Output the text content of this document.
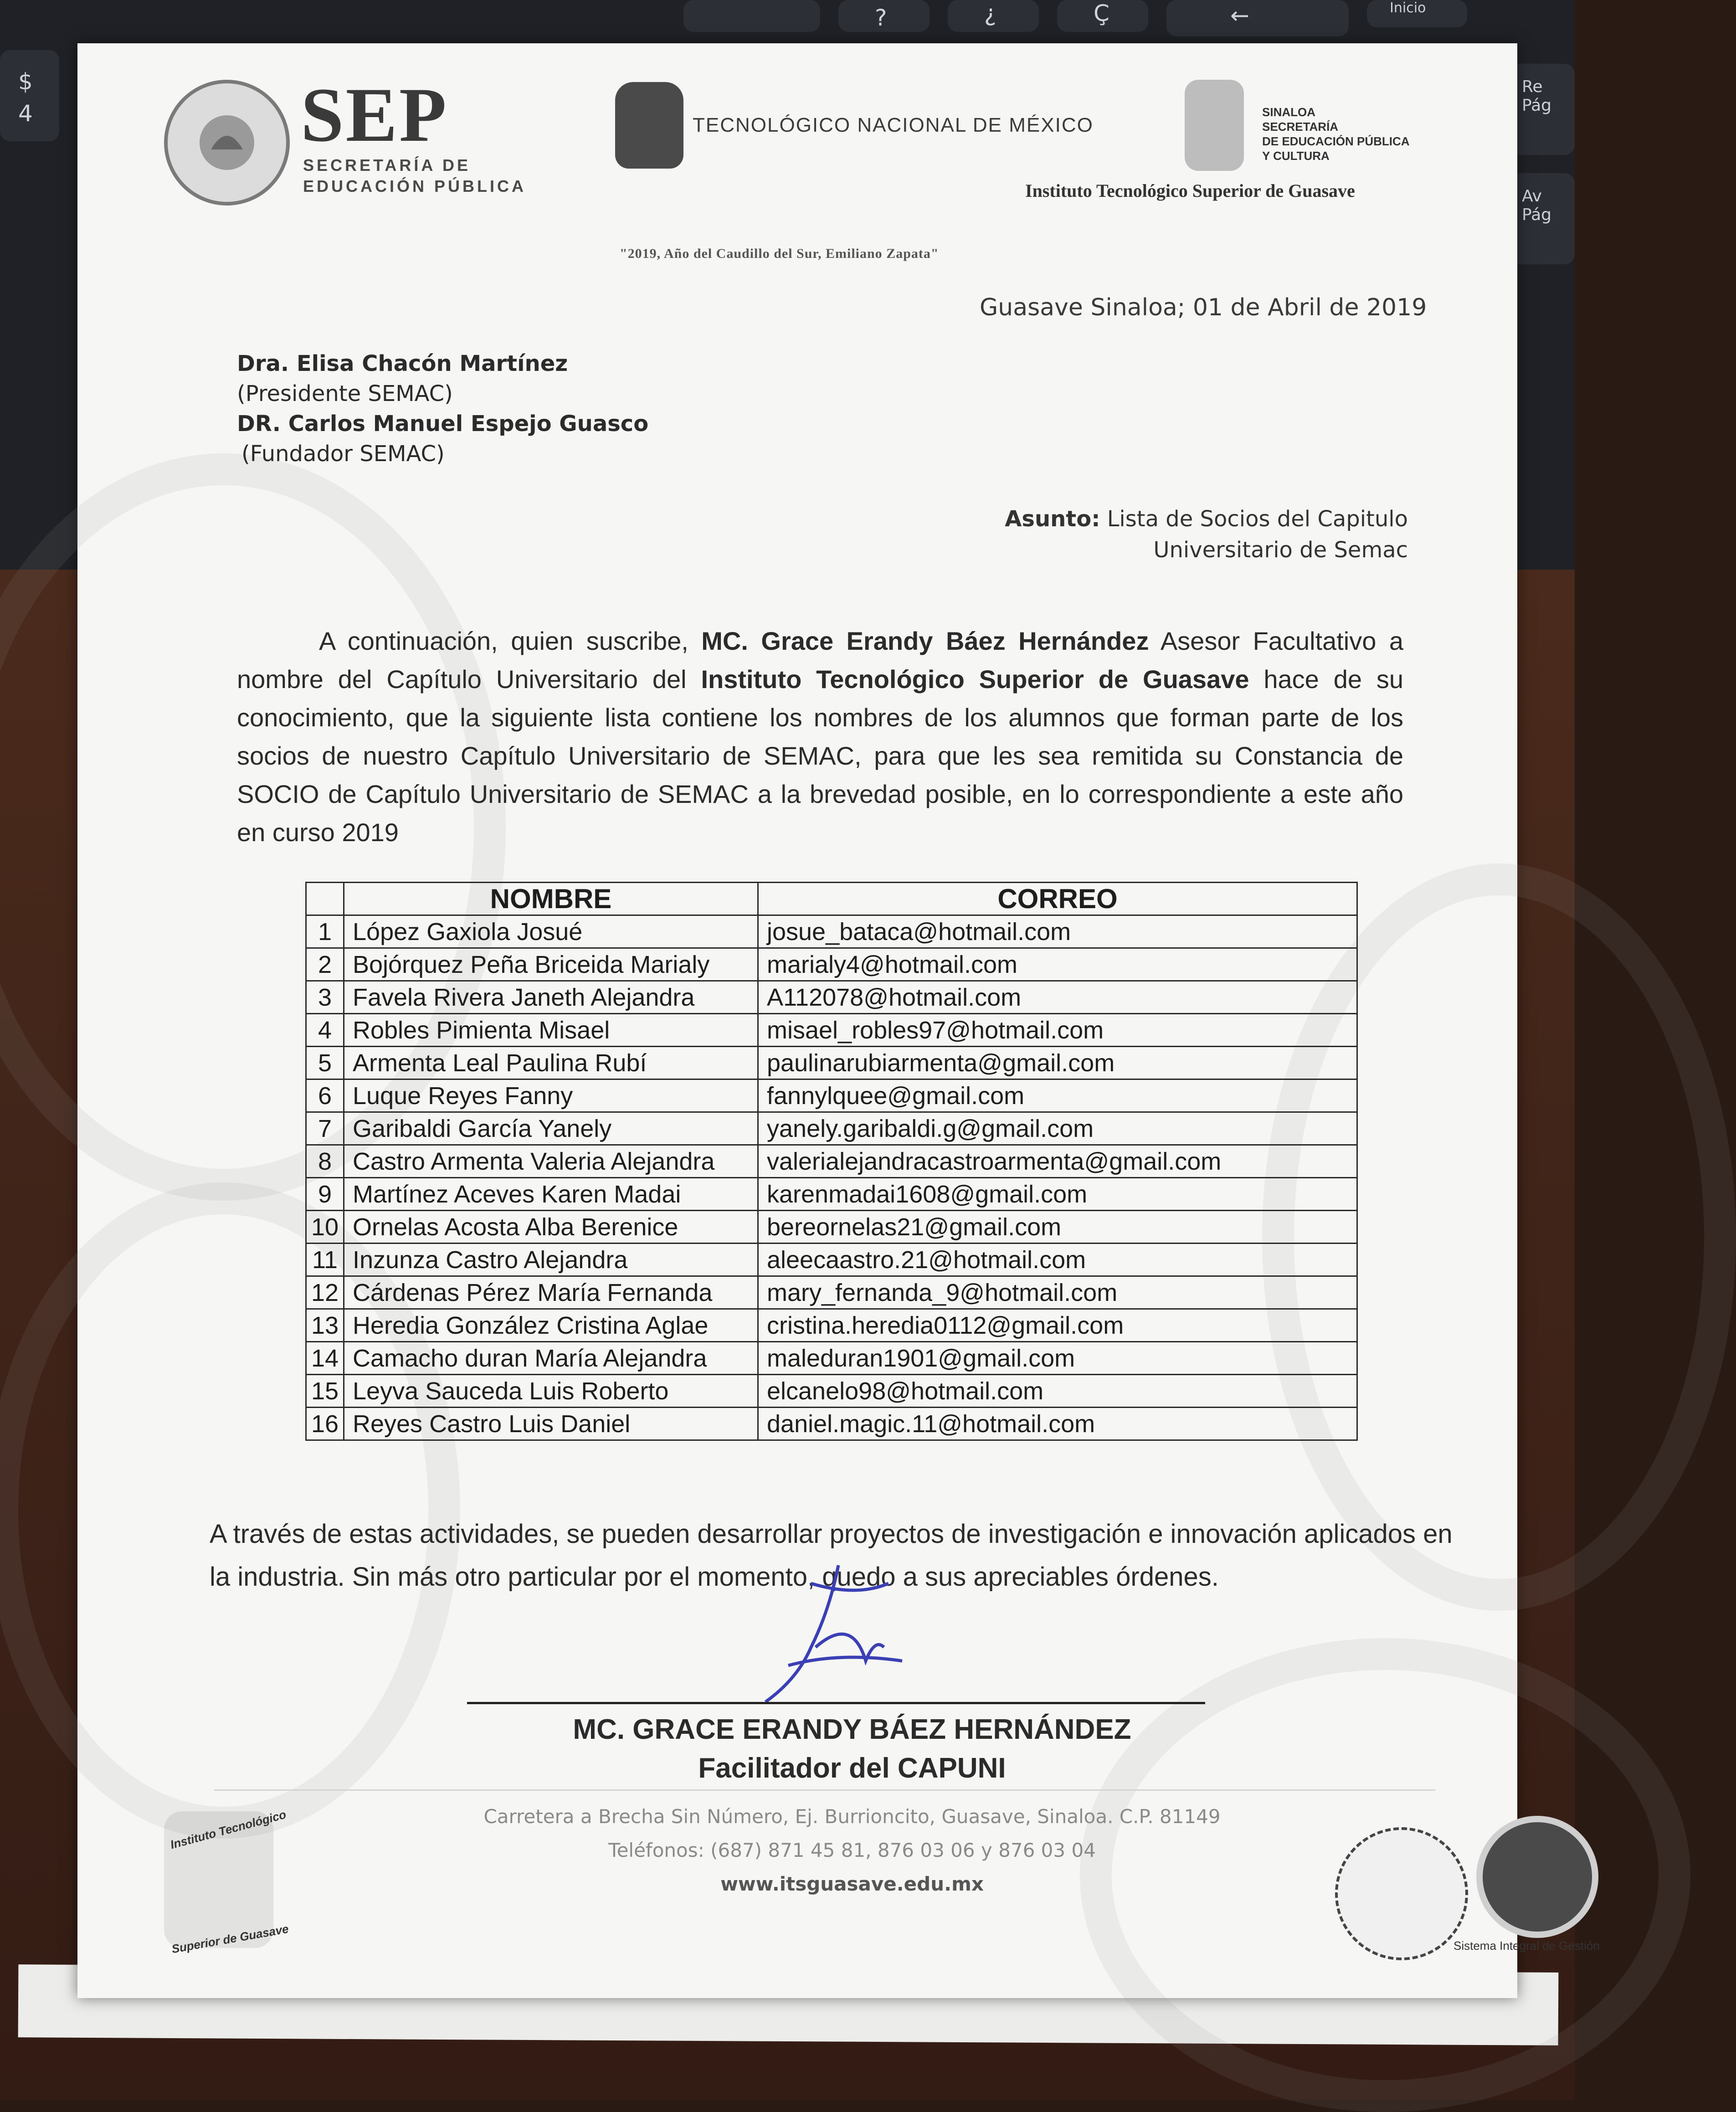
$
4
?	¿	Ç	←	Inicio
Re Pág
Av Pág
SEP
SECRETARÍA DE
EDUCACIÓN PÚBLICA
TECNOLÓGICO NACIONAL DE MÉXICO
SINALOA
SECRETARÍA
DE EDUCACIÓN PÚBLICA
Y CULTURA
Instituto Tecnológico Superior de Guasave
"2019, Año del Caudillo del Sur, Emiliano Zapata"
Guasave Sinaloa; 01 de Abril de 2019
Dra. Elisa Chacón Martínez
(Presidente SEMAC)
DR. Carlos Manuel Espejo Guasco
(Fundador SEMAC)
Asunto: Lista de Socios del Capitulo
Universitario de Semac
A continuación, quien suscribe, MC. Grace Erandy Báez Hernández Asesor Facultativo a nombre del Capítulo Universitario del Instituto Tecnológico Superior de Guasave hace de su conocimiento, que la siguiente lista contiene los nombres de los alumnos que forman parte de los socios de nuestro Capítulo Universitario de SEMAC, para que les sea remitida su Constancia de SOCIO de Capítulo Universitario de SEMAC a la brevedad posible, en lo correspondiente a este año en curso 2019
	NOMBRE	CORREO
1	López Gaxiola Josué	josue_bataca@hotmail.com
2	Bojórquez Peña Briceida Marialy	marialy4@hotmail.com
3	Favela Rivera Janeth Alejandra	A112078@hotmail.com
4	Robles Pimienta Misael	misael_robles97@hotmail.com
5	Armenta Leal Paulina Rubí	paulinarubiarmenta@gmail.com
6	Luque Reyes Fanny	fannylquee@gmail.com
7	Garibaldi García Yanely	yanely.garibaldi.g@gmail.com
8	Castro Armenta Valeria Alejandra	valerialejandracastroarmenta@gmail.com
9	Martínez Aceves Karen Madai	karenmadai1608@gmail.com
10	Ornelas Acosta Alba Berenice	bereornelas21@gmail.com
11	Inzunza Castro Alejandra	aleecaastro.21@hotmail.com
12	Cárdenas Pérez María Fernanda	mary_fernanda_9@hotmail.com
13	Heredia González Cristina Aglae	cristina.heredia0112@gmail.com
14	Camacho duran María Alejandra	maleduran1901@gmail.com
15	Leyva Sauceda Luis Roberto	elcanelo98@hotmail.com
16	Reyes Castro Luis Daniel	daniel.magic.11@hotmail.com
A través de estas actividades, se pueden desarrollar proyectos de investigación e innovación aplicados en la industria. Sin más otro particular por el momento, quedo a sus apreciables órdenes.
MC. GRACE ERANDY BÁEZ HERNÁNDEZ
Facilitador del CAPUNI
Carretera a Brecha Sin Número, Ej. Burrioncito, Guasave, Sinaloa. C.P. 81149
Teléfonos: (687) 871 45 81, 876 03 06 y 876 03 04
www.itsguasave.edu.mx
Instituto Tecnológico
Superior de Guasave	Sistema Integral de Gestión
